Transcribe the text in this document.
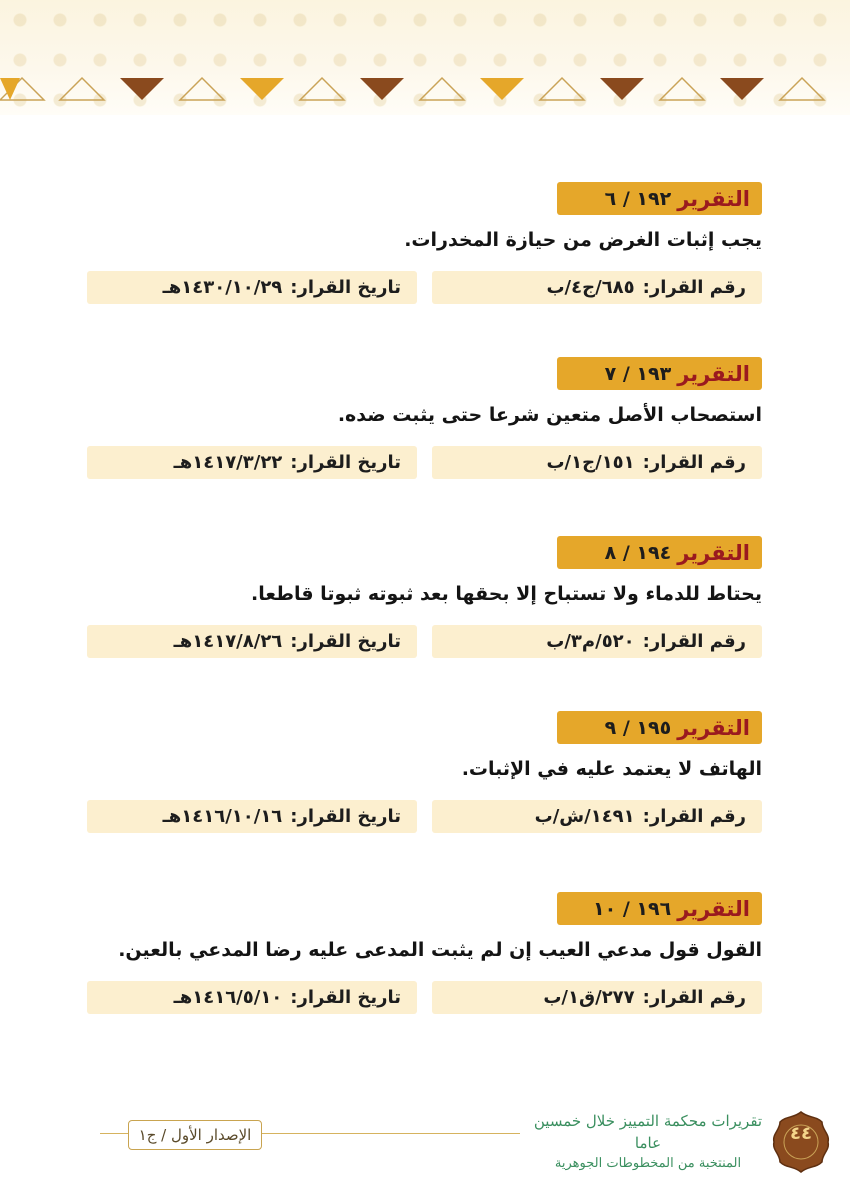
التقرير
١٩٢ / ٦
يجب إثبات الغرض من حيازة المخدرات.
رقم القرار:
٦٨٥/ج٤/ب
تاريخ القرار:
١٤٣٠/١٠/٢٩هـ
التقرير
١٩٣ / ٧
استصحاب الأصل متعين شرعا حتى يثبت ضده.
رقم القرار:
١٥١/ج١/ب
تاريخ القرار:
١٤١٧/٣/٢٢هـ
التقرير
١٩٤ / ٨
يحتاط للدماء ولا تستباح إلا بحقها بعد ثبوته ثبوتا قاطعا.
رقم القرار:
٥٢٠/م٣/ب
تاريخ القرار:
١٤١٧/٨/٢٦هـ
التقرير
١٩٥ / ٩
الهاتف لا يعتمد عليه في الإثبات.
رقم القرار:
١٤٩١/ش/ب
تاريخ القرار:
١٤١٦/١٠/١٦هـ
التقرير
١٩٦ / ١٠
القول قول مدعي العيب إن لم يثبت المدعى عليه رضا المدعي بالعين.
رقم القرار:
٢٧٧/ق١/ب
تاريخ القرار:
١٤١٦/٥/١٠هـ
الإصدار الأول / ج١
تقريرات محكمة التمييز خلال خمسين عاما
المنتخبة من المخطوطات الجوهرية
٤٤
